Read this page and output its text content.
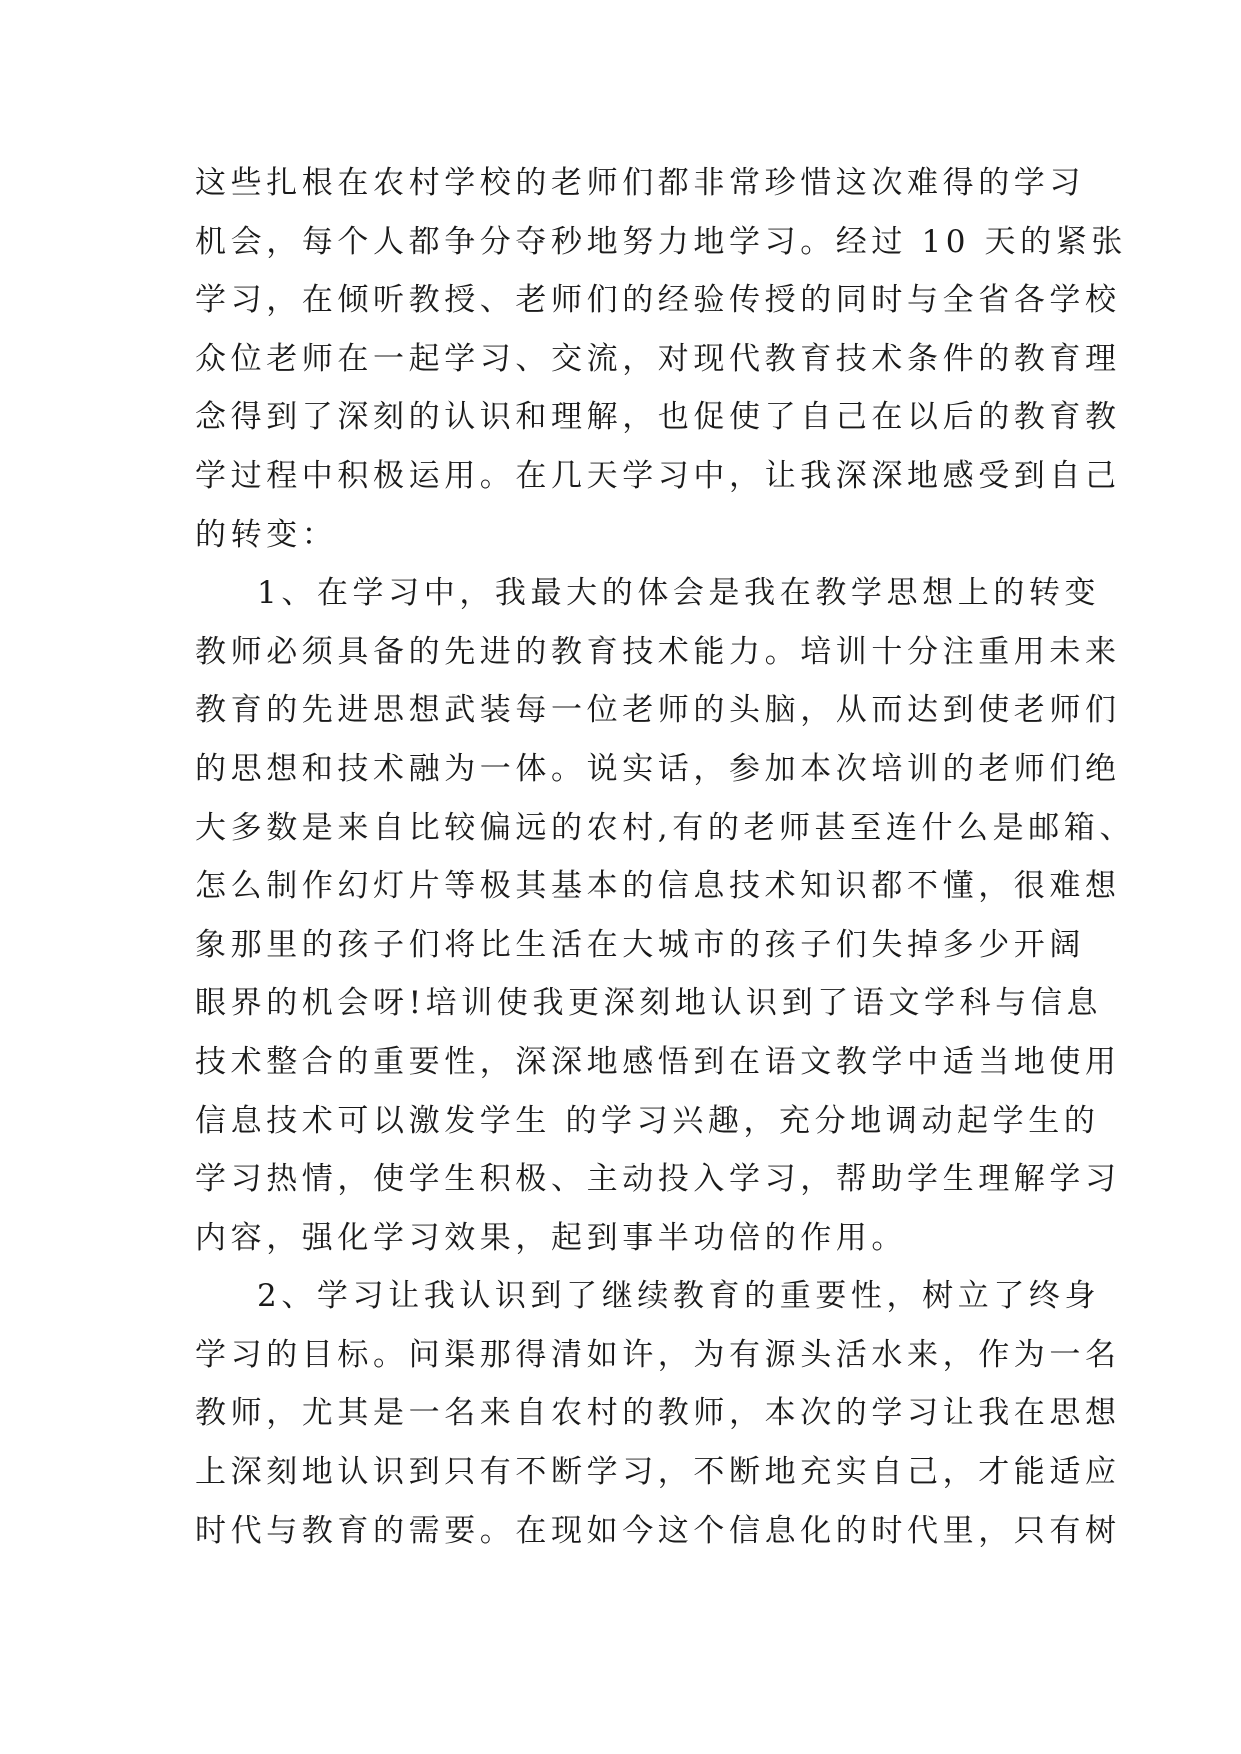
这些扎根在农村学校的老师们都非常珍惜这次难得的学习
机会，每个人都争分夺秒地努力地学习。经过 10 天的紧张
学习，在倾听教授、老师们的经验传授的同时与全省各学校
众位老师在一起学习、交流，对现代教育技术条件的教育理
念得到了深刻的认识和理解，也促使了自己在以后的教育教
学过程中积极运用。在几天学习中，让我深深地感受到自己
的转变：
1、在学习中，我最大的体会是我在教学思想上的转变
教师必须具备的先进的教育技术能力。培训十分注重用未来
教育的先进思想武装每一位老师的头脑，从而达到使老师们
的思想和技术融为一体。说实话，参加本次培训的老师们绝
大多数是来自比较偏远的农村,有的老师甚至连什么是邮箱、
怎么制作幻灯片等极其基本的信息技术知识都不懂，很难想
象那里的孩子们将比生活在大城市的孩子们失掉多少开阔
眼界的机会呀!培训使我更深刻地认识到了语文学科与信息
技术整合的重要性，深深地感悟到在语文教学中适当地使用
信息技术可以激发学生 的学习兴趣，充分地调动起学生的
学习热情，使学生积极、主动投入学习，帮助学生理解学习
内容，强化学习效果，起到事半功倍的作用。
2、学习让我认识到了继续教育的重要性，树立了终身
学习的目标。问渠那得清如许，为有源头活水来，作为一名
教师，尤其是一名来自农村的教师，本次的学习让我在思想
上深刻地认识到只有不断学习，不断地充实自己，才能适应
时代与教育的需要。在现如今这个信息化的时代里，只有树
